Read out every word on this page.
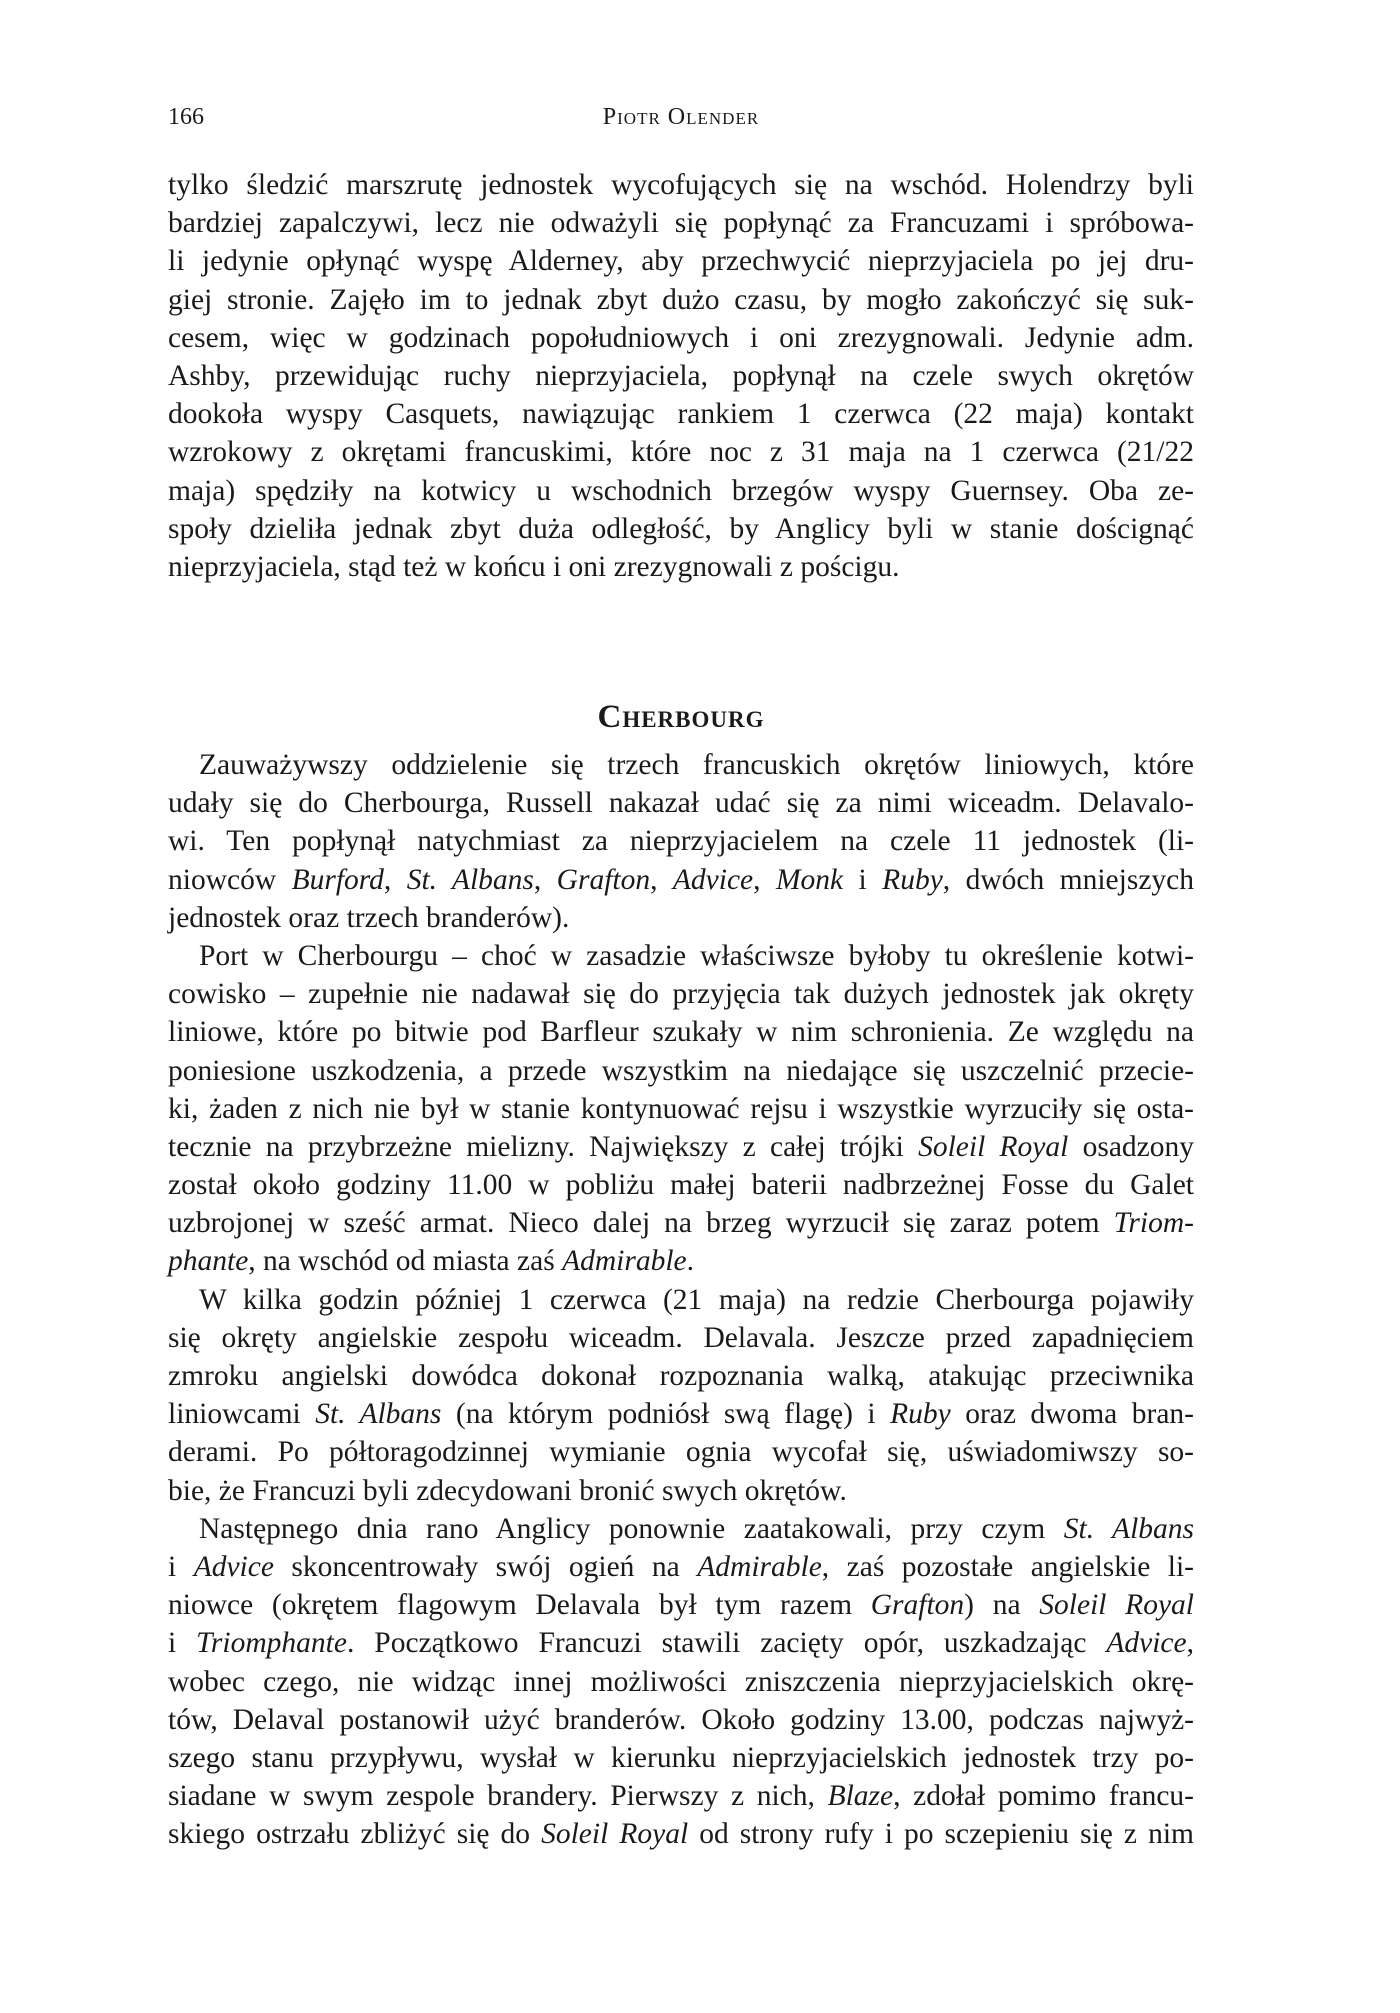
166	Piotr Olender

tylko śledzić marszrutę jednostek wycofujących się na wschód. Holendrzy byli
bardziej zapalczywi, lecz nie odważyli się popłynąć za Francuzami i spróbowa-
li jedynie opłynąć wyspę Alderney, aby przechwycić nieprzyjaciela po jej dru-
giej stronie. Zajęło im to jednak zbyt dużo czasu, by mogło zakończyć się suk-
cesem, więc w godzinach popołudniowych i oni zrezygnowali. Jedynie adm.
Ashby, przewidując ruchy nieprzyjaciela, popłynął na czele swych okrętów
dookoła wyspy Casquets, nawiązując rankiem 1 czerwca (22 maja) kontakt
wzrokowy z okrętami francuskimi, które noc z 31 maja na 1 czerwca (21/22
maja) spędziły na kotwicy u wschodnich brzegów wyspy Guernsey. Oba ze-
społy dzieliła jednak zbyt duża odległość, by Anglicy byli w stanie doścignąć
nieprzyjaciela, stąd też w końcu i oni zrezygnowali z pościgu.

Cherbourg

Zauważywszy oddzielenie się trzech francuskich okrętów liniowych, które
udały się do Cherbourga, Russell nakazał udać się za nimi wiceadm. Delavalo-
wi. Ten popłynął natychmiast za nieprzyjacielem na czele 11 jednostek (li-
niowców Burford, St. Albans, Grafton, Advice, Monk i Ruby, dwóch mniejszych
jednostek oraz trzech branderów).

Port w Cherbourgu – choć w zasadzie właściwsze byłoby tu określenie kotwi-
cowisko – zupełnie nie nadawał się do przyjęcia tak dużych jednostek jak okręty
liniowe, które po bitwie pod Barfleur szukały w nim schronienia. Ze względu na
poniesione uszkodzenia, a przede wszystkim na niedające się uszczelnić przecie-
ki, żaden z nich nie był w stanie kontynuować rejsu i wszystkie wyrzuciły się osta-
tecznie na przybrzeżne mielizny. Największy z całej trójki Soleil Royal osadzony
został około godziny 11.00 w pobliżu małej baterii nadbrzeżnej Fosse du Galet
uzbrojonej w sześć armat. Nieco dalej na brzeg wyrzucił się zaraz potem Triom-
phante, na wschód od miasta zaś Admirable.

W kilka godzin później 1 czerwca (21 maja) na redzie Cherbourga pojawiły
się okręty angielskie zespołu wiceadm. Delavala. Jeszcze przed zapadnięciem
zmroku angielski dowódca dokonał rozpoznania walką, atakując przeciwnika
liniowcami St. Albans (na którym podniósł swą flagę) i Ruby oraz dwoma bran-
derami. Po półtoragodzinnej wymianie ognia wycofał się, uświadomiwszy so-
bie, że Francuzi byli zdecydowani bronić swych okrętów.

Następnego dnia rano Anglicy ponownie zaatakowali, przy czym St. Albans
i Advice skoncentrowały swój ogień na Admirable, zaś pozostałe angielskie li-
niowce (okrętem flagowym Delavala był tym razem Grafton) na Soleil Royal
i Triomphante. Początkowo Francuzi stawili zacięty opór, uszkadzając Advice,
wobec czego, nie widząc innej możliwości zniszczenia nieprzyjacielskich okrę-
tów, Delaval postanowił użyć branderów. Około godziny 13.00, podczas najwyż-
szego stanu przypływu, wysłał w kierunku nieprzyjacielskich jednostek trzy po-
siadane w swym zespole brandery. Pierwszy z nich, Blaze, zdołał pomimo francu-
skiego ostrzału zbliżyć się do Soleil Royal od strony rufy i po sczepieniu się z nim
